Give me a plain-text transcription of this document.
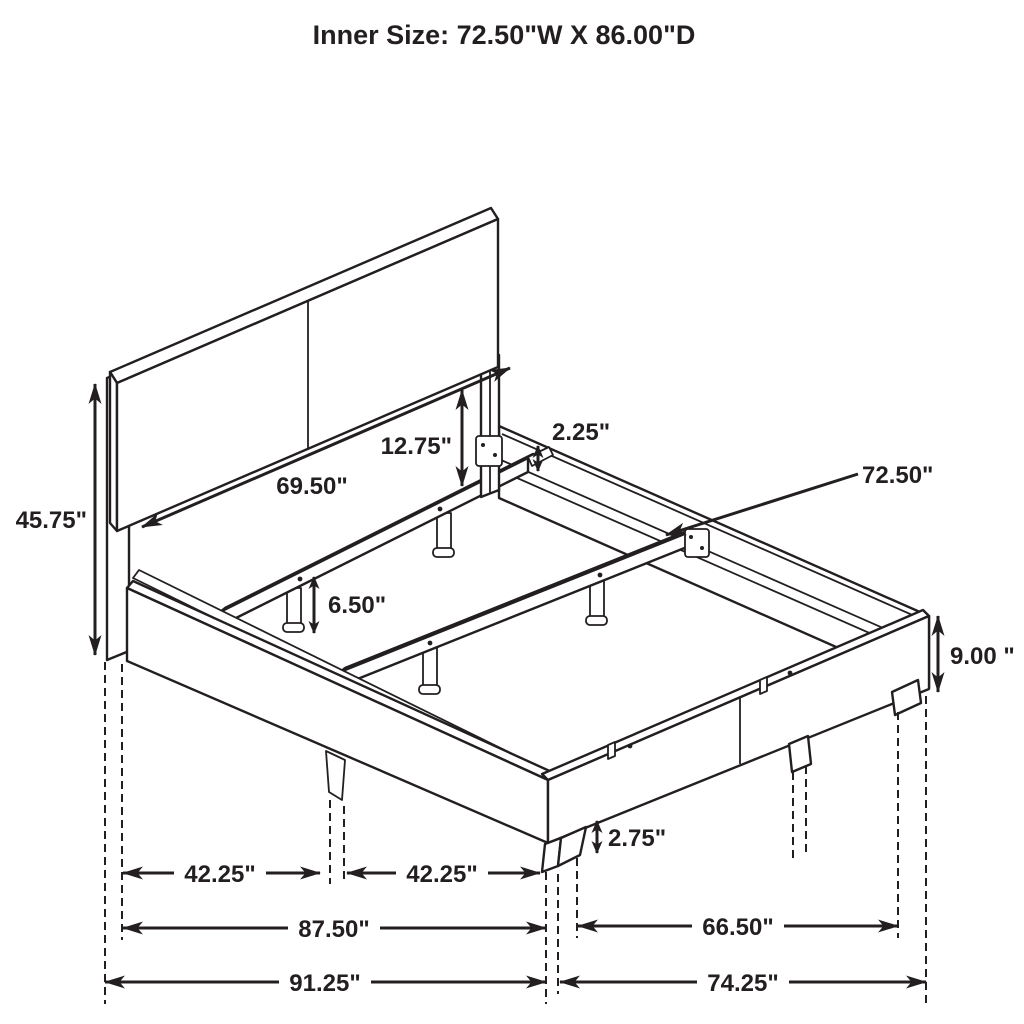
Inner Size: 72.50"W X 86.00"D
45.75"
69.50"
12.75"
2.25"
72.50"
6.50"
9.00 "
2.75"
42.25"	42.25"
87.50"	66.50"
91.25"	74.25"
